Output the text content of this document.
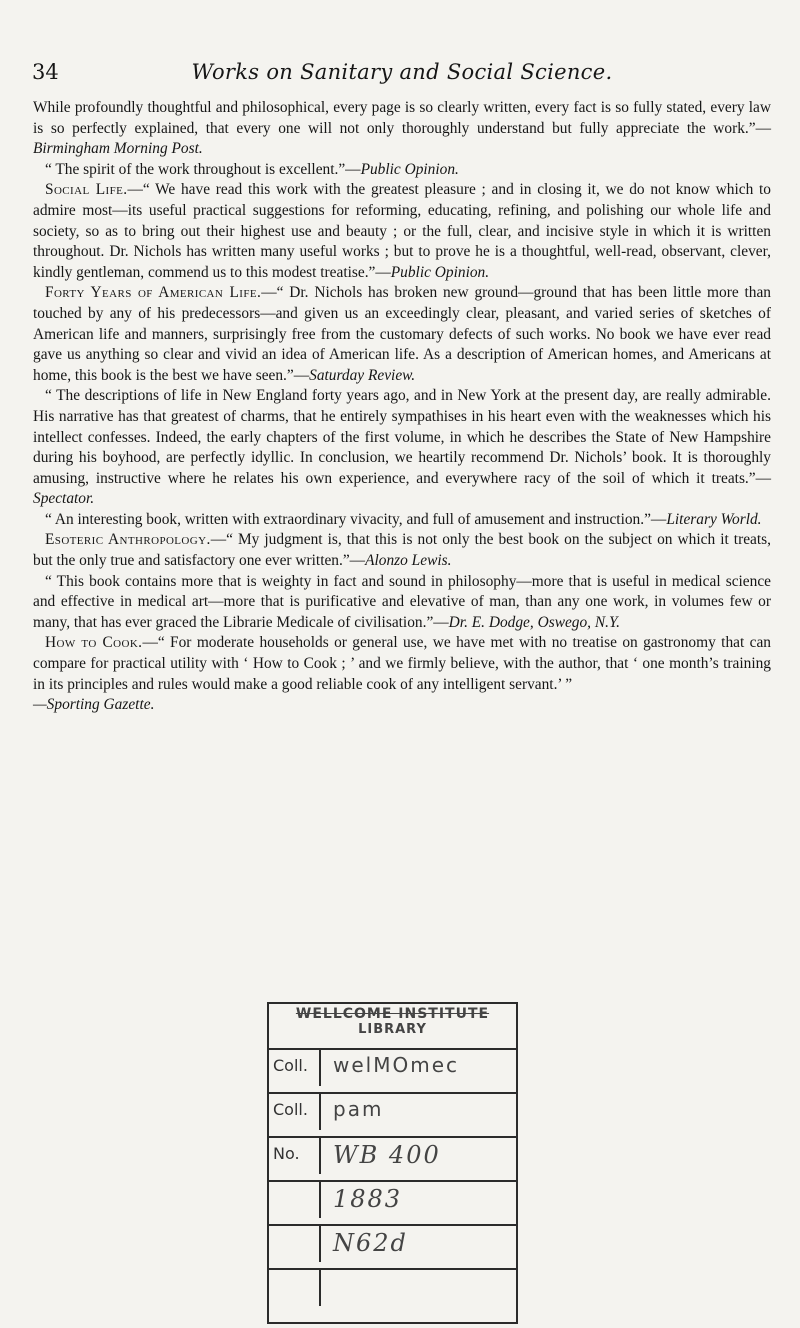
34	Works on Sanitary and Social Science.

While profoundly thoughtful and philosophical, every page is so clearly written, every fact is so fully stated, every law is so perfectly explained, that every one will not only thoroughly understand but fully appreciate the work.”—Birmingham Morning Post.

“ The spirit of the work throughout is excellent.”—Public Opinion.

Social Life.—“ We have read this work with the greatest pleasure ; and in closing it, we do not know which to admire most—its useful practical suggestions for reforming, educating, refining, and polishing our whole life and society, so as to bring out their highest use and beauty ; or the full, clear, and incisive style in which it is written throughout. Dr. Nichols has written many useful works ; but to prove he is a thoughtful, well-read, observant, clever, kindly gentleman, commend us to this modest treatise.”—Public Opinion.

Forty Years of American Life.—“ Dr. Nichols has broken new ground—ground that has been little more than touched by any of his predecessors—and given us an exceedingly clear, pleasant, and varied series of sketches of American life and manners, surprisingly free from the customary defects of such works. No book we have ever read gave us anything so clear and vivid an idea of American life. As a description of American homes, and Americans at home, this book is the best we have seen.”—Saturday Review.

“ The descriptions of life in New England forty years ago, and in New York at the present day, are really admirable. His narrative has that greatest of charms, that he entirely sympathises in his heart even with the weaknesses which his intellect confesses. Indeed, the early chapters of the first volume, in which he describes the State of New Hampshire during his boyhood, are perfectly idyllic. In conclusion, we heartily recommend Dr. Nichols’ book. It is thoroughly amusing, instructive where he relates his own experience, and everywhere racy of the soil of which it treats.”—Spectator.

“ An interesting book, written with extraordinary vivacity, and full of amusement and instruction.”—Literary World.

Esoteric Anthropology.—“ My judgment is, that this is not only the best book on the subject on which it treats, but the only true and satisfactory one ever written.”—Alonzo Lewis.

“ This book contains more that is weighty in fact and sound in philosophy—more that is useful in medical science and effective in medical art—more that is purificative and elevative of man, than any one work, in volumes few or many, that has ever graced the Librarie Medicale of civilisation.”—Dr. E. Dodge, Oswego, N.Y.

How to Cook.—“ For moderate households or general use, we have met with no treatise on gastronomy that can compare for practical utility with ‘ How to Cook ; ’ and we firmly believe, with the author, that ‘ one month’s training in its principles and rules would make a good reliable cook of any intelligent servant.’ ”
—Sporting Gazette.

WELLCOME INSTITUTE
LIBRARY
Coll.	welMOmec
Coll.	pam
No.	WB 400
1883
N62d
